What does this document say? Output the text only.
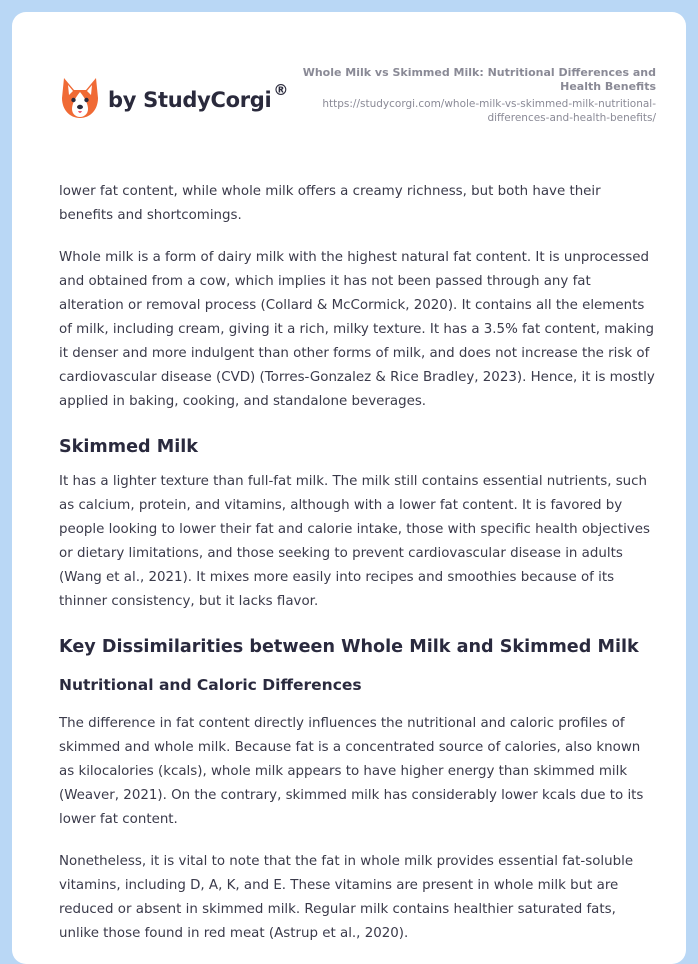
by StudyCorgi ®
Whole Milk vs Skimmed Milk: Nutritional Differences and Health Benefits
https://studycorgi.com/whole-milk-vs-skimmed-milk-nutritional-differences-and-health-benefits/

lower fat content, while whole milk offers a creamy richness, but both have their benefits and shortcomings.

Whole milk is a form of dairy milk with the highest natural fat content. It is unprocessed and obtained from a cow, which implies it has not been passed through any fat alteration or removal process (Collard & McCormick, 2020). It contains all the elements of milk, including cream, giving it a rich, milky texture. It has a 3.5% fat content, making it denser and more indulgent than other forms of milk, and does not increase the risk of cardiovascular disease (CVD) (Torres-Gonzalez & Rice Bradley, 2023). Hence, it is mostly applied in baking, cooking, and standalone beverages.

Skimmed Milk

It has a lighter texture than full-fat milk. The milk still contains essential nutrients, such as calcium, protein, and vitamins, although with a lower fat content. It is favored by people looking to lower their fat and calorie intake, those with specific health objectives or dietary limitations, and those seeking to prevent cardiovascular disease in adults (Wang et al., 2021). It mixes more easily into recipes and smoothies because of its thinner consistency, but it lacks flavor.

Key Dissimilarities between Whole Milk and Skimmed Milk
Nutritional and Caloric Differences

The difference in fat content directly influences the nutritional and caloric profiles of skimmed and whole milk. Because fat is a concentrated source of calories, also known as kilocalories (kcals), whole milk appears to have higher energy than skimmed milk (Weaver, 2021). On the contrary, skimmed milk has considerably lower kcals due to its lower fat content.

Nonetheless, it is vital to note that the fat in whole milk provides essential fat-soluble vitamins, including D, A, K, and E. These vitamins are present in whole milk but are reduced or absent in skimmed milk. Regular milk contains healthier saturated fats, unlike those found in red meat (Astrup et al., 2020).
